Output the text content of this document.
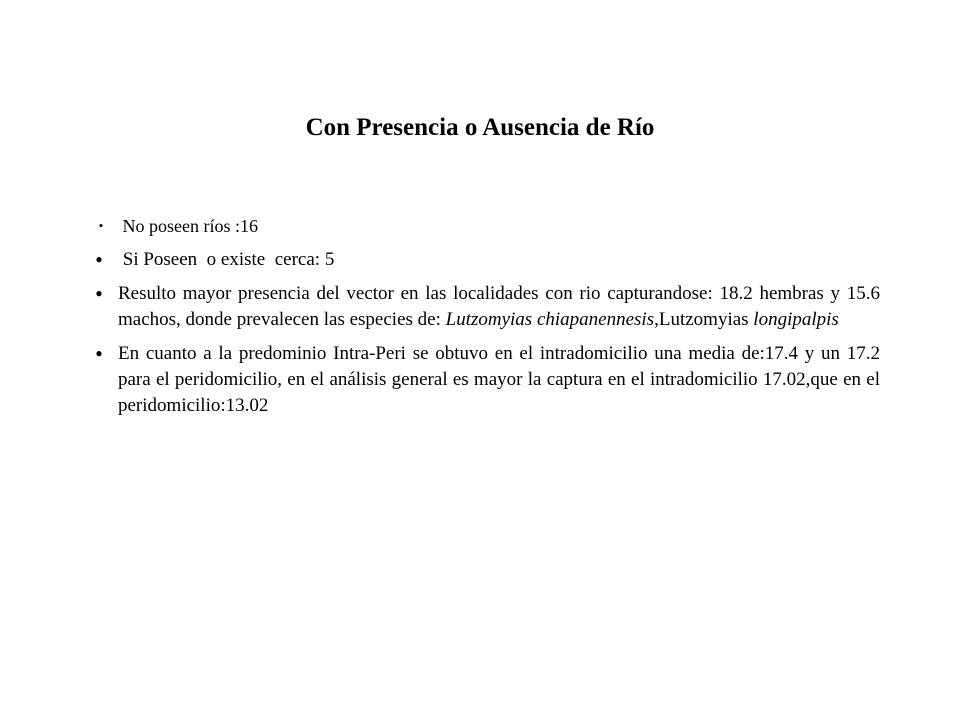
Con Presencia o Ausencia de Río
• No poseen ríos :16
• Si Poseen  o existe  cerca: 5
• Resulto mayor presencia del vector en las localidades con rio capturandose: 18.2 hembras y 15.6 machos, donde prevalecen las especies de: Lutzomyias chiapanennesis,Lutzomyias longipalpis
• En cuanto a la predominio Intra-Peri se obtuvo en el intradomicilio una media de:17.4 y un 17.2 para el peridomicilio, en el análisis general es mayor la captura en el intradomicilio 17.02,que en el peridomicilio:13.02
